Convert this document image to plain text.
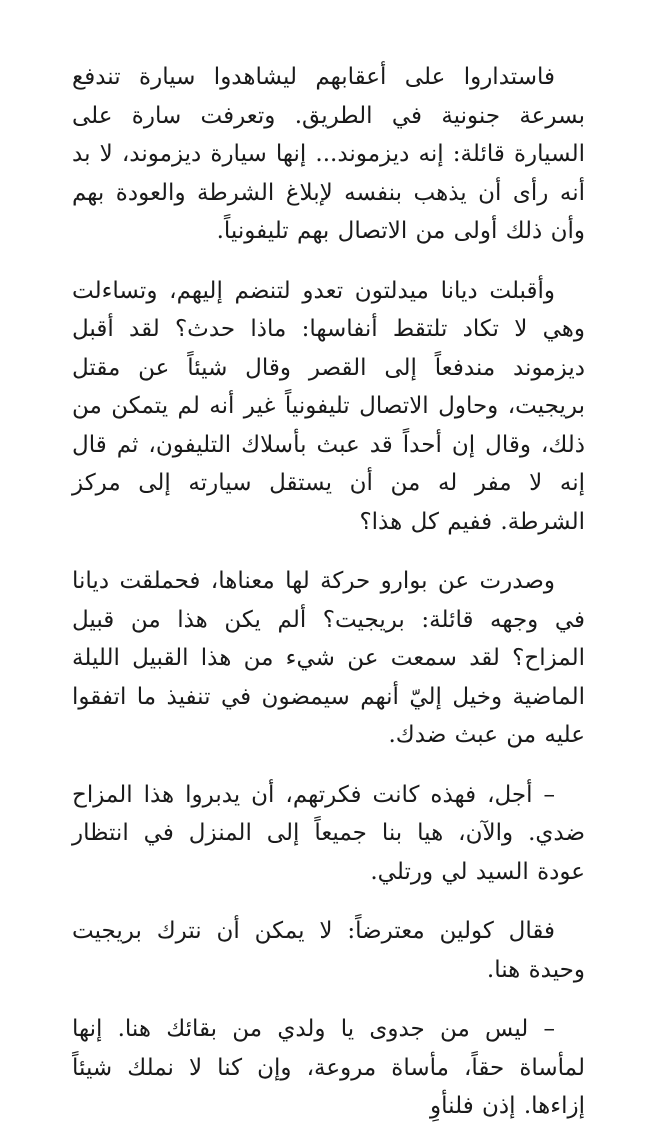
فاستداروا على أعقابهم ليشاهدوا سيارة تندفع بسرعة جنونية في الطريق. وتعرفت سارة على السيارة قائلة: إنه ديزموند... إنها سيارة ديزموند، لا بد أنه رأى أن يذهب بنفسه لإبلاغ الشرطة والعودة بهم وأن ذلك أولى من الاتصال بهم تليفونياً.

وأقبلت ديانا ميدلتون تعدو لتنضم إليهم، وتساءلت وهي لا تكاد تلتقط أنفاسها: ماذا حدث؟ لقد أقبل ديزموند مندفعاً إلى القصر وقال شيئاً عن مقتل بريجيت، وحاول الاتصال تليفونياً غير أنه لم يتمكن من ذلك، وقال إن أحداً قد عبث بأسلاك التليفون، ثم قال إنه لا مفر له من أن يستقل سيارته إلى مركز الشرطة. ففيم كل هذا؟

وصدرت عن بوارو حركة لها معناها، فحملقت ديانا في وجهه قائلة: بريجيت؟ ألم يكن هذا من قبيل المزاح؟ لقد سمعت عن شيء من هذا القبيل الليلة الماضية وخيل إليّ أنهم سيمضون في تنفيذ ما اتفقوا عليه من عبث ضدك.

– أجل، فهذه كانت فكرتهم، أن يدبروا هذا المزاح ضدي. والآن، هيا بنا جميعاً إلى المنزل في انتظار عودة السيد لي ورتلي.

فقال كولين معترضاً: لا يمكن أن نترك بريجيت وحيدة هنا.

– ليس من جدوى يا ولدي من بقائك هنا. إنها لمأساة حقاً، مأساة مروعة، وإن كنا لا نملك شيئاً إزاءها. إذن فلنأوِ
